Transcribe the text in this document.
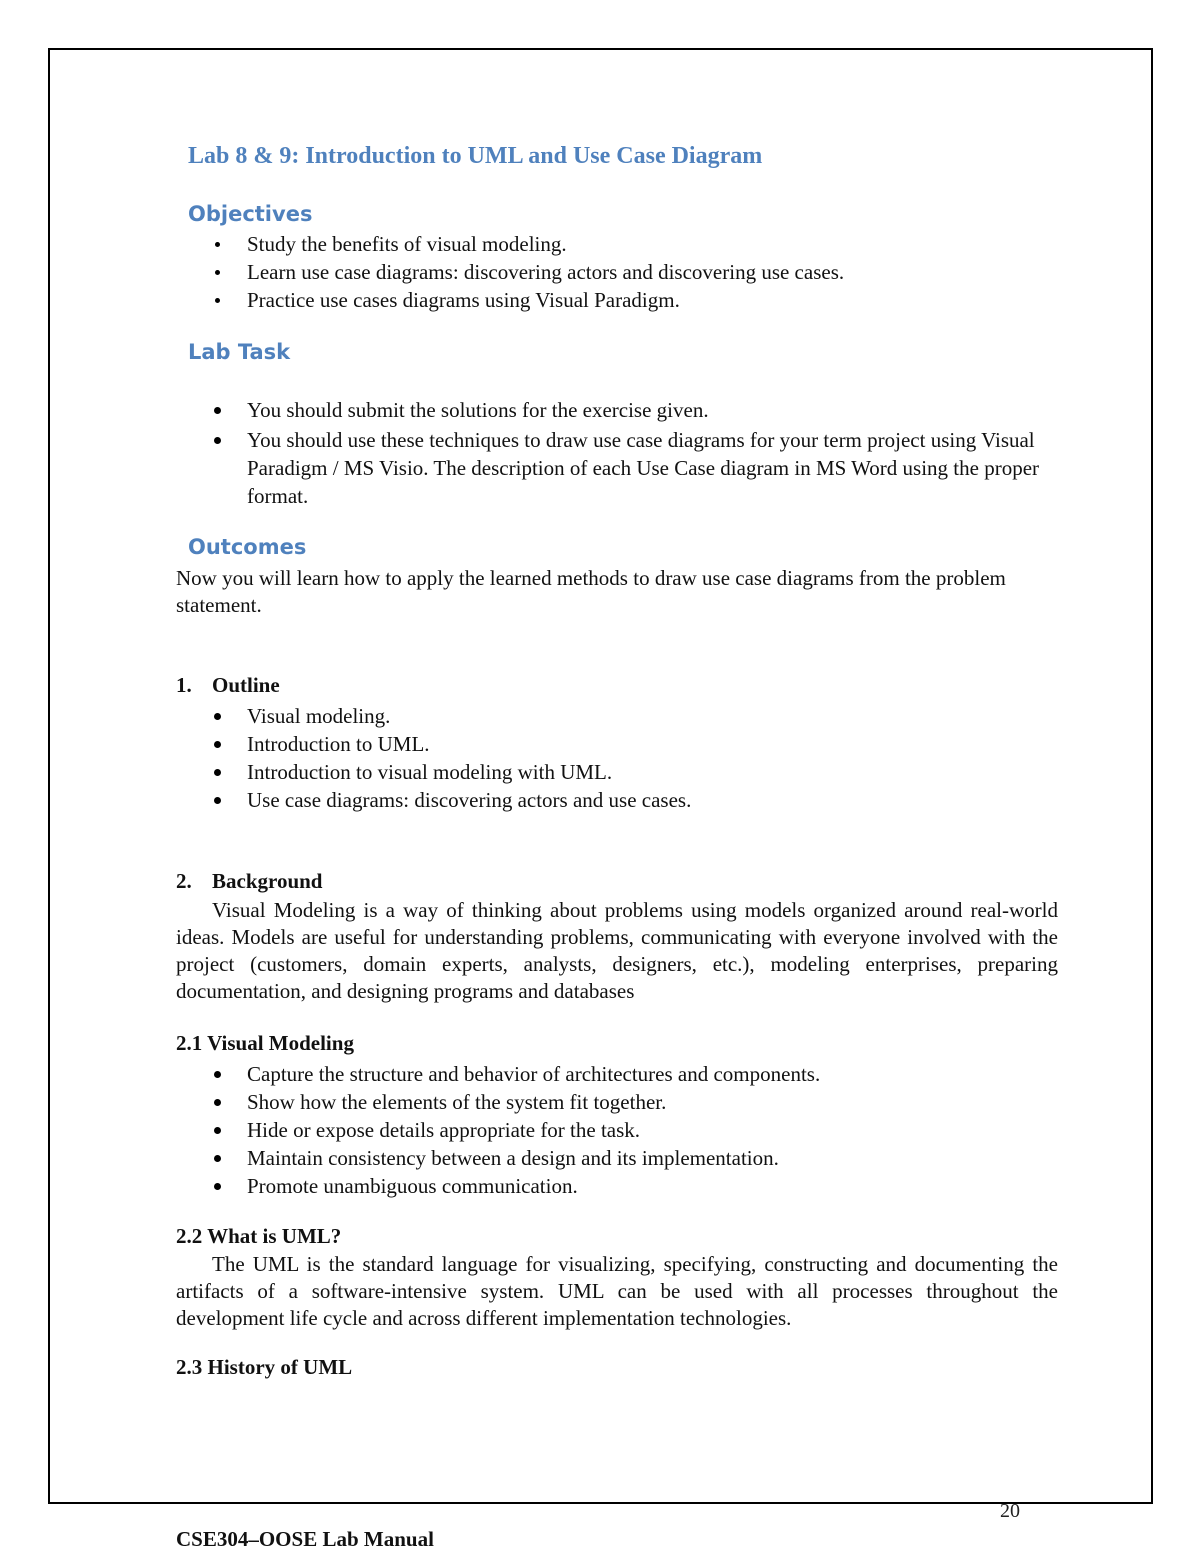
Lab 8 & 9: Introduction to UML and Use Case Diagram
Objectives
Study the benefits of visual modeling.
Learn use case diagrams: discovering actors and discovering use cases.
Practice use cases diagrams using Visual Paradigm.
Lab Task
You should submit the solutions for the exercise given.
You should use these techniques to draw use case diagrams for your term project using Visual Paradigm / MS Visio. The description of each Use Case diagram in MS Word using the proper format.
Outcomes

Now you will learn how to apply the learned methods to draw use case diagrams from the problem statement.

1. Outline
Visual modeling.
Introduction to UML.
Introduction to visual modeling with UML.
Use case diagrams: discovering actors and use cases.
2. Background

Visual Modeling is a way of thinking about problems using models organized around real-world ideas. Models are useful for understanding problems, communicating with everyone involved with the project (customers, domain experts, analysts, designers, etc.), modeling enterprises, preparing documentation, and designing programs and databases

2.1 Visual Modeling
Capture the structure and behavior of architectures and components.
Show how the elements of the system fit together.
Hide or expose details appropriate for the task.
Maintain consistency between a design and its implementation.
Promote unambiguous communication.
2.2 What is UML?

The UML is the standard language for visualizing, specifying, constructing and documenting the artifacts of a software-intensive system. UML can be used with all processes throughout the development life cycle and across different implementation technologies.

2.3 History of UML
20
CSE304–OOSE Lab Manual
